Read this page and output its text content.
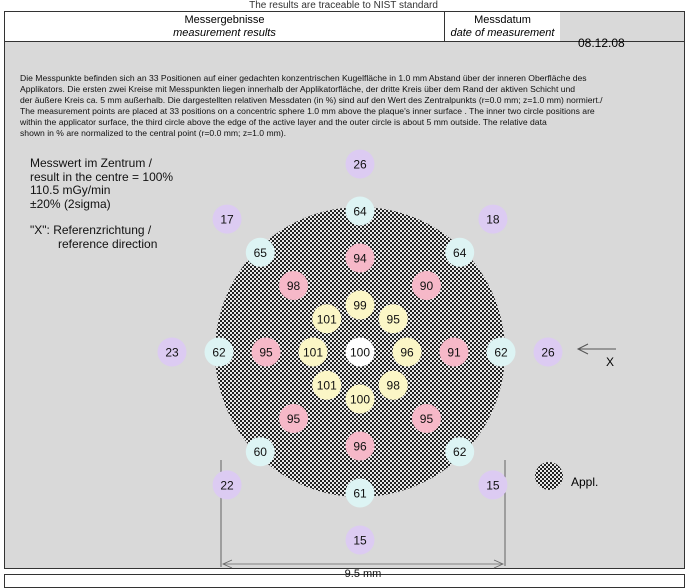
The results are traceable to NIST standard
Messergebnisse
measurement results
Messdatum
date of measurement
08.12.08
Die Messpunkte befinden sich an 33 Positionen auf einer gedachten konzentrischen Kugelfläche in 1.0 mm Abstand über der inneren Oberfläche des
Applikators. Die ersten zwei Kreise mit Messpunkten liegen innerhalb der Applikatorfläche, der dritte Kreis über dem Rand der aktiven Schicht und
der äußere Kreis ca. 5 mm außerhalb. Die dargestellten relativen Messdaten (in %) sind auf den Wert des Zentralpunkts (r=0.0 mm; z=1.0 mm) normiert./
The measurement points are placed at 33 positions on a concentric sphere 1.0 mm above the plaque's inner surface . The inner two circle positions are
within the applicator surface, the third circle above the edge of the active layer and the outer circle is about 5 mm outside. The relative data
shown in % are normalized to the central point (r=0.0 mm; z=1.0 mm).
Messwert im Zentrum /
result in the centre = 100%
110.5 mGy/min
±20% (2sigma)
"X": Referenzrichtung /
reference direction
100
99
101	95
101	96
101	98
100
94
98	90
95	91
95	95
96
64
65	64
62	62
60	62
61
26
17	18
23	26
22	15
15
X
Appl.
9.5 mm
